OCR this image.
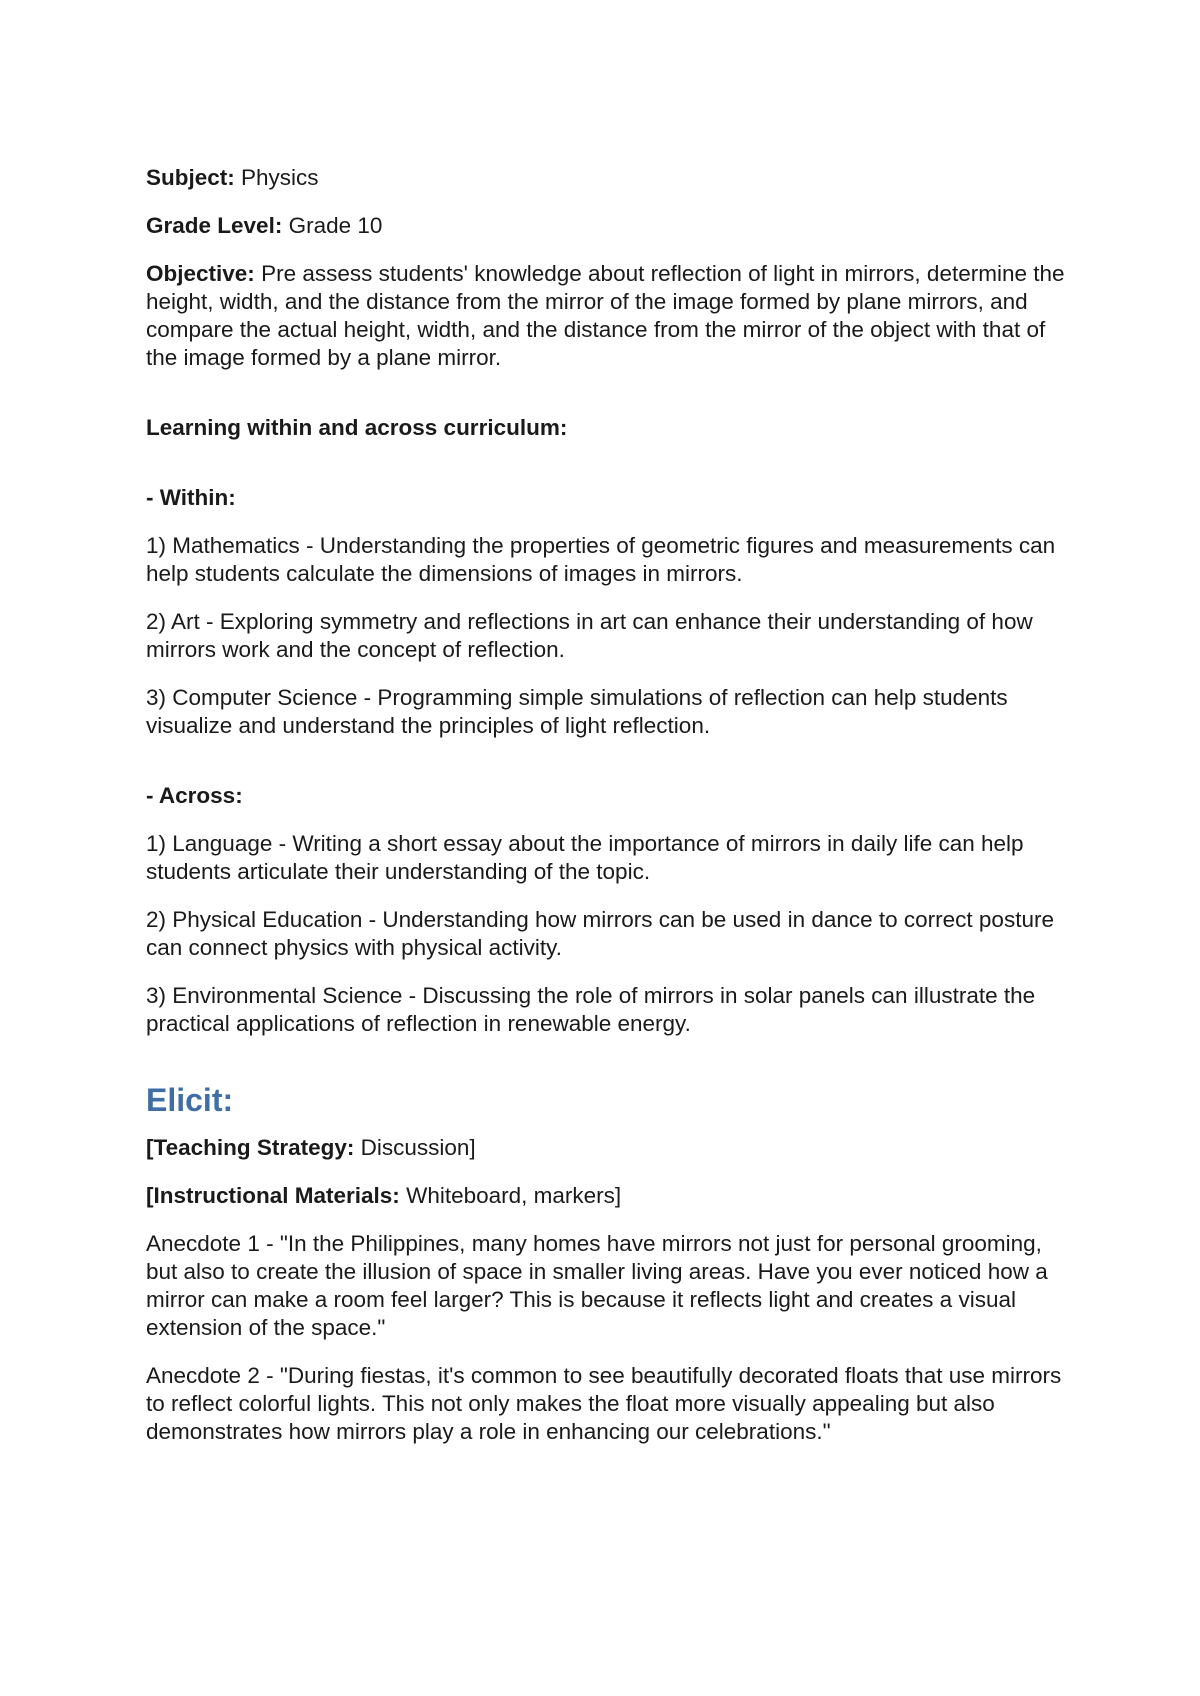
Subject: Physics

Grade Level: Grade 10

Objective: Pre assess students' knowledge about reflection of light in mirrors, determine the height, width, and the distance from the mirror of the image formed by plane mirrors, and compare the actual height, width, and the distance from the mirror of the object with that of the image formed by a plane mirror.

Learning within and across curriculum:

- Within:

1) Mathematics - Understanding the properties of geometric figures and measurements can help students calculate the dimensions of images in mirrors.

2) Art - Exploring symmetry and reflections in art can enhance their understanding of how mirrors work and the concept of reflection.

3) Computer Science - Programming simple simulations of reflection can help students visualize and understand the principles of light reflection.

- Across:

1) Language - Writing a short essay about the importance of mirrors in daily life can help students articulate their understanding of the topic.

2) Physical Education - Understanding how mirrors can be used in dance to correct posture can connect physics with physical activity.

3) Environmental Science - Discussing the role of mirrors in solar panels can illustrate the practical applications of reflection in renewable energy.

Elicit:

[Teaching Strategy: Discussion]

[Instructional Materials: Whiteboard, markers]

Anecdote 1 - "In the Philippines, many homes have mirrors not just for personal grooming, but also to create the illusion of space in smaller living areas. Have you ever noticed how a mirror can make a room feel larger? This is because it reflects light and creates a visual extension of the space."

Anecdote 2 - "During fiestas, it's common to see beautifully decorated floats that use mirrors to reflect colorful lights. This not only makes the float more visually appealing but also demonstrates how mirrors play a role in enhancing our celebrations."
